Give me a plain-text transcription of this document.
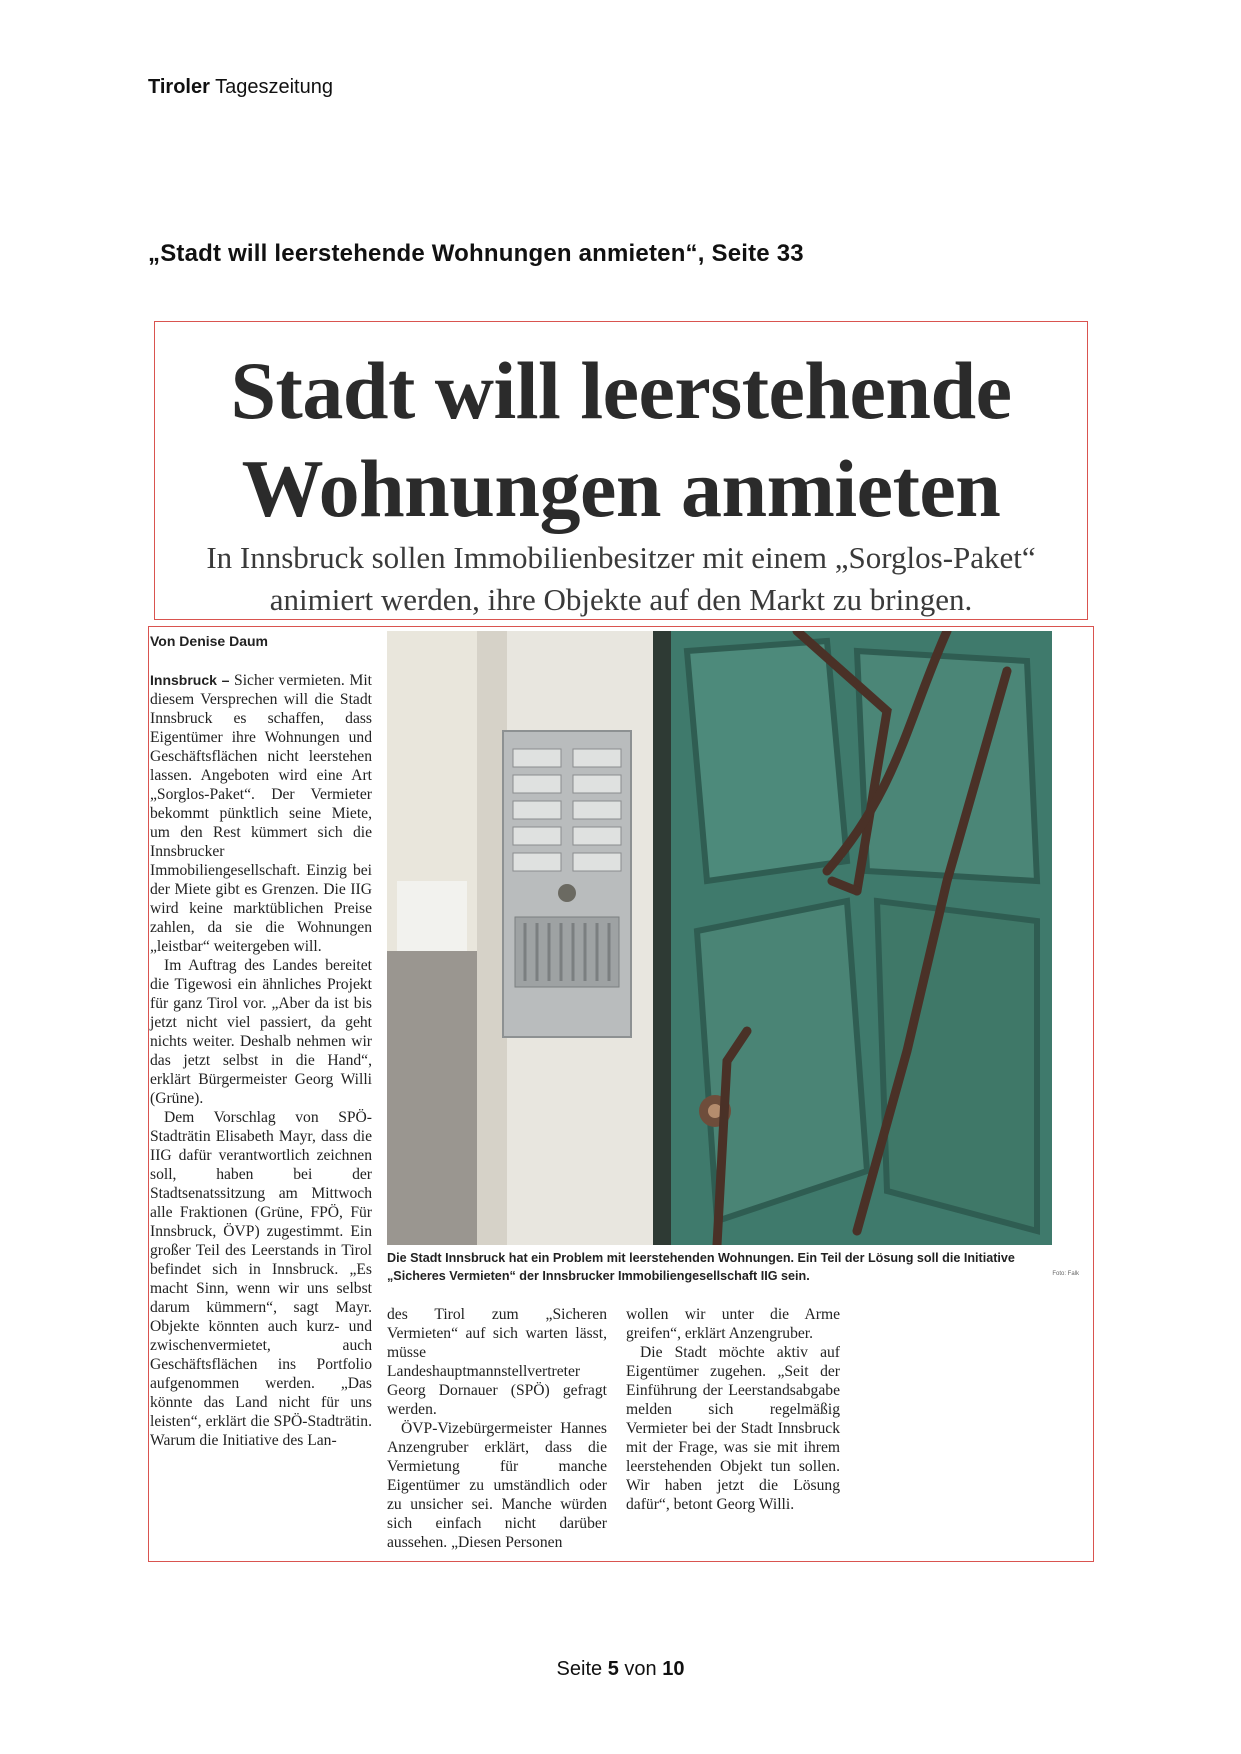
Tiroler Tageszeitung
„Stadt will leerstehende Wohnungen anmieten“, Seite 33
Stadt will leerstehende
Wohnungen anmieten
In Innsbruck sollen Immobilienbesitzer mit einem „Sorglos-Paket“
animiert werden, ihre Objekte auf den Markt zu bringen.
Von Denise Daum

Innsbruck – Sicher vermieten. Mit diesem Versprechen will die Stadt Innsbruck es schaffen, dass Eigentümer ihre Wohnungen und Geschäftsflächen nicht leerstehen lassen. Angeboten wird eine Art „Sorglos-Paket“. Der Vermieter bekommt pünktlich seine Miete, um den Rest kümmert sich die Innsbrucker Immobiliengesellschaft. Einzig bei der Miete gibt es Grenzen. Die IIG wird keine marktüblichen Preise zahlen, da sie die Wohnungen „leistbar“ weitergeben will.

Im Auftrag des Landes bereitet die Tigewosi ein ähnliches Projekt für ganz Tirol vor. „Aber da ist bis jetzt nicht viel passiert, da geht nichts weiter. Deshalb nehmen wir das jetzt selbst in die Hand“, erklärt Bürgermeister Georg Willi (Grüne).

Dem Vorschlag von SPÖ-Stadträtin Elisabeth Mayr, dass die IIG dafür verantwortlich zeichnen soll, haben bei der Stadtsenatssitzung am Mittwoch alle Fraktionen (Grüne, FPÖ, Für Innsbruck, ÖVP) zugestimmt. Ein großer Teil des Leerstands in Tirol befindet sich in Innsbruck. „Es macht Sinn, wenn wir uns selbst darum kümmern“, sagt Mayr. Objekte könnten auch kurz- und zwischenvermietet, auch Geschäftsflächen ins Portfolio aufgenommen werden. „Das könnte das Land nicht für uns leisten“, erklärt die SPÖ-Stadträtin. Warum die Initiative des Lan-

Die Stadt Innsbruck hat ein Problem mit leerstehenden Wohnungen. Ein Teil der Lösung soll die Initiative „Sicheres Vermieten“ der Innsbrucker Immobiliengesellschaft IIG sein.	Foto: Falk

des Tirol zum „Sicheren Vermieten“ auf sich warten lässt, müsse Landeshauptmannstellvertreter Georg Dornauer (SPÖ) gefragt werden.

ÖVP-Vizebürgermeister Hannes Anzengruber erklärt, dass die Vermietung für manche Eigentümer zu umständlich oder zu unsicher sei. Manche würden sich einfach nicht darüber aussehen. „Diesen Personen

wollen wir unter die Arme greifen“, erklärt Anzengruber.

Die Stadt möchte aktiv auf Eigentümer zugehen. „Seit der Einführung der Leerstandsabgabe melden sich regelmäßig Vermieter bei der Stadt Innsbruck mit der Frage, was sie mit ihrem leerstehenden Objekt tun sollen. Wir haben jetzt die Lösung dafür“, betont Georg Willi.

Seite 5 von 10
